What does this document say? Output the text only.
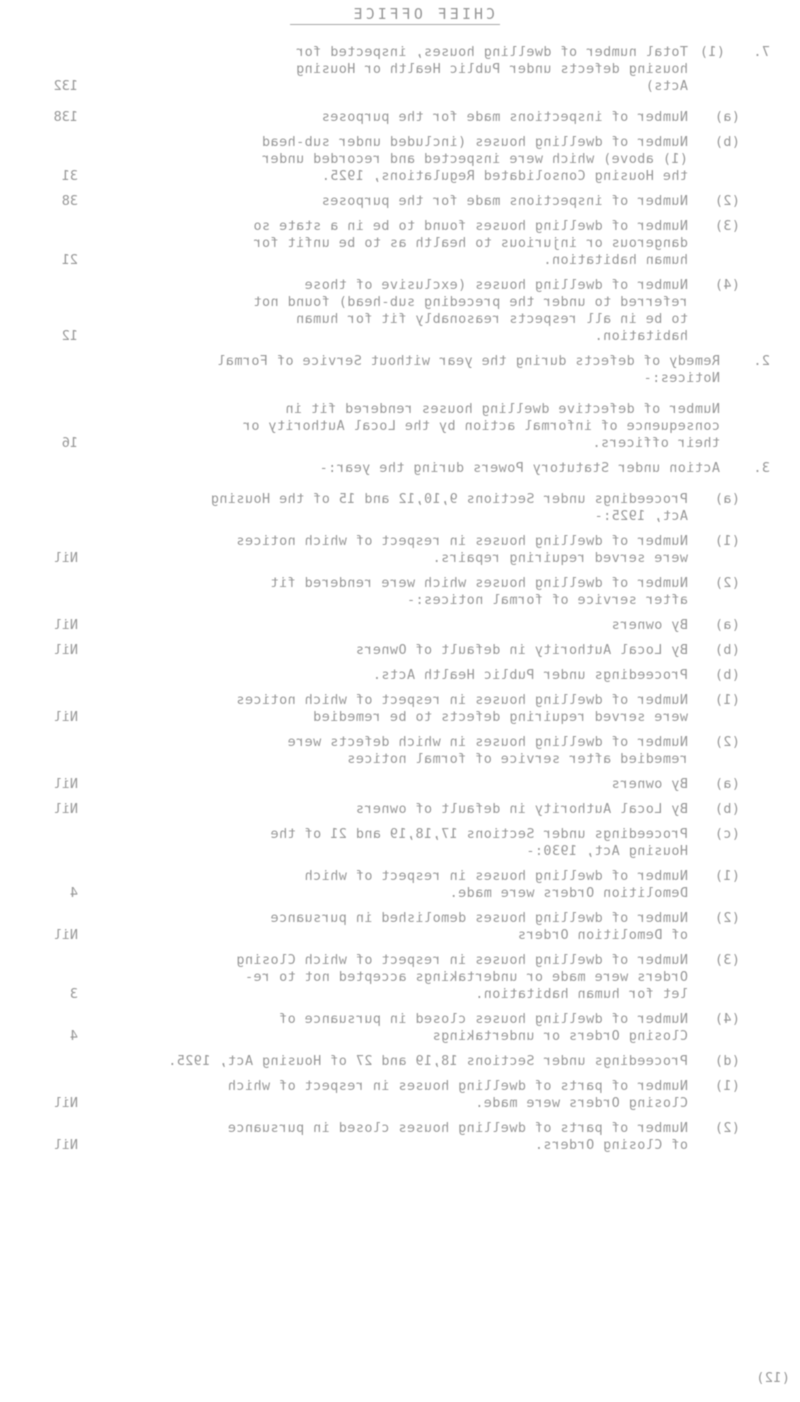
CHIEF OFFICE
(12)
7.
(1)
Total number of dwelling houses, inspected for
housing defects under Public Health or Housing
Acts)
132
(a)
Number of inspections made for the purposes
138
(b)
Number of dwelling houses (included under sub-head
(1) above) which were inspected and recorded under
the Housing Consolidated Regulations, 1925.
31
(2)
Number of inspections made for the purposes
38
(3)
Number of dwelling houses found to be in a state so
dangerous or injurious to health as to be unfit for
human habitation.
21
(4)
Number of dwelling houses (exclusive of those
referred to under the preceding sub-head) found not
to be in all respects reasonably fit for human
habitation.
12
2.
Remedy of defects during the year without Service of Formal
Notices:-
Number of defective dwelling houses rendered fit in
consequence of informal action by the Local Authority or
their officers.
16
3.
Action under Statutory Powers during the year:-
(a)
Proceedings under Sections 9,10,12 and 15 of the Housing
Act, 1925:-
(1)
Number of dwelling houses in respect of which notices
were served requiring repairs.
Nil
(2)
Number of dwelling houses which were rendered fit
after service of formal notices:-
(a)
By owners
Nil
(b)
By Local Authority in default of Owners
Nil
(b)
Proceedings under Public Health Acts.
(1)
Number of dwelling houses in respect of which notices
were served requiring defects to be remedied
Nil
(2)
Number of dwelling houses in which defects were
remedied after service of formal notices
(a)
By owners
Nil
(b)
By Local Authority in default of owners
Nil
(c)
Proceedings under Sections 17,18,19 and 21 of the
Housing Act, 1930:-
(1)
Number of dwelling houses in respect of which
Demolition Orders were made.
4
(2)
Number of dwelling houses demolished in pursuance
of Demolition Orders
Nil
(3)
Number of dwelling houses in respect of which Closing
Orders were made or undertakings accepted not to re-
let for human habitation.
3
(4)
Number of dwelling houses closed in pursuance of
Closing Orders or undertakings
4
(d)
Proceedings under Sections 18,19 and 27 of Housing Act, 1925.
(1)
Number of parts of dwelling houses in respect of which
Closing Orders were made.
Nil
(2)
Number of parts of dwelling houses closed in pursuance
of Closing Orders.
Nil
